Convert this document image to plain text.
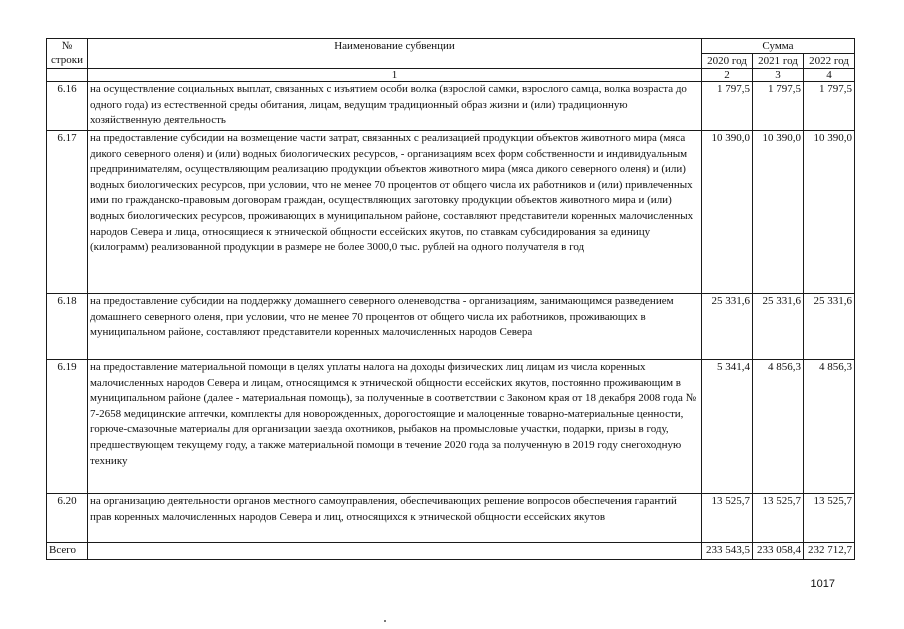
№ строки	Наименование субвенции	Сумма		
		2020 год	2021 год	2022 год
	1	2	3	4
6.16	на осуществление социальных выплат, связанных с изъятием особи волка (взрослой самки, взрослого самца, волка возраста до одного года) из естественной среды обитания, лицам, ведущим традиционный образ жизни и (или) традиционную хозяйственную деятельность	1 797,5	1 797,5	1 797,5
6.17	на предоставление субсидии на возмещение части затрат, связанных с реализацией продукции объектов животного мира (мяса дикого северного оленя) и (или) водных биологических ресурсов, - организациям всех форм собственности и индивидуальным предпринимателям, осуществляющим реализацию продукции объектов животного мира (мяса дикого северного оленя) и (или) водных биологических ресурсов, при условии, что не менее 70 процентов от общего числа их работников и (или) привлеченных ими по гражданско-правовым договорам граждан, осуществляющих заготовку продукции объектов животного мира и (или) водных биологических ресурсов, проживающих в муниципальном районе, составляют представители коренных малочисленных народов Севера и лица, относящиеся к этнической общности ессейских якутов, по ставкам субсидирования за единицу (килограмм) реализованной продукции в размере не более 3000,0 тыс. рублей на одного получателя в год	10 390,0	10 390,0	10 390,0
6.18	на предоставление субсидии на поддержку домашнего северного оленеводства - организациям, занимающимся разведением домашнего северного оленя, при условии, что не менее 70 процентов от общего числа их работников, проживающих в муниципальном районе, составляют представители коренных малочисленных народов Севера	25 331,6	25 331,6	25 331,6
6.19	на предоставление материальной помощи в целях уплаты налога на доходы физических лиц лицам из числа коренных малочисленных народов Севера и лицам, относящимся к этнической общности ессейских якутов, постоянно проживающим в муниципальном районе (далее - материальная помощь), за полученные в соответствии с Законом края от 18 декабря 2008 года № 7-2658 медицинские аптечки, комплекты для новорожденных, дорогостоящие и малоценные товарно-материальные ценности, горюче-смазочные материалы для организации заезда охотников, рыбаков на промысловые участки, подарки, призы в году, предшествующем текущему году, а также материальной помощи в течение 2020 года за полученную в 2019 году снегоходную технику	5 341,4	4 856,3	4 856,3
6.20	на организацию деятельности органов местного самоуправления, обеспечивающих решение вопросов обеспечения гарантий прав коренных малочисленных народов Севера и лиц, относящихся к этнической общности ессейских якутов	13 525,7	13 525,7	13 525,7
Всего		233 543,5	233 058,4	232 712,7
1017
